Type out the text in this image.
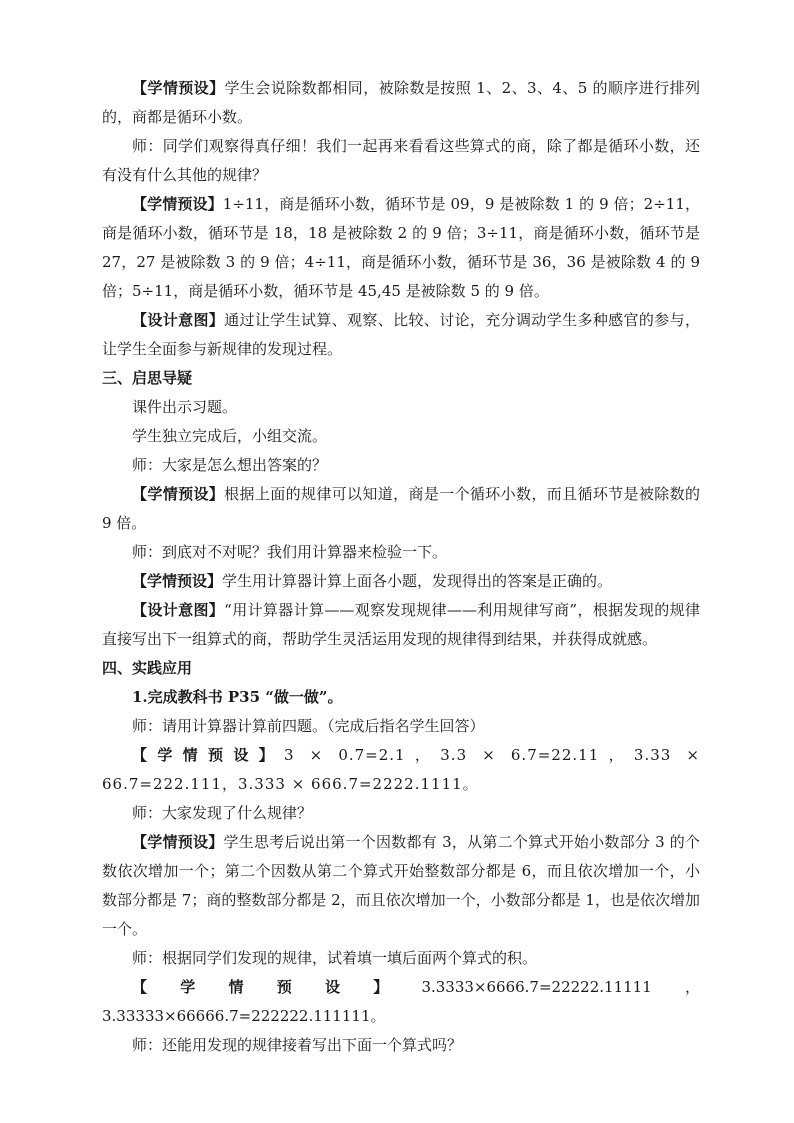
【学情预设】学生会说除数都相同，被除数是按照 1、2、3、4、5 的顺序进行排列的，商都是循环小数。

师：同学们观察得真仔细！我们一起再来看看这些算式的商，除了都是循环小数，还有没有什么其他的规律？

【学情预设】1÷11，商是循环小数，循环节是 09，9 是被除数 1 的 9 倍；2÷11，商是循环小数，循环节是 18，18 是被除数 2 的 9 倍；3÷11，商是循环小数，循环节是 27，27 是被除数 3 的 9 倍；4÷11，商是循环小数，循环节是 36，36 是被除数 4 的 9 倍；5÷11，商是循环小数，循环节是 45,45 是被除数 5 的 9 倍。

【设计意图】通过让学生试算、观察、比较、讨论，充分调动学生多种感官的参与，让学生全面参与新规律的发现过程。

三、启思导疑

课件出示习题。

学生独立完成后，小组交流。

师：大家是怎么想出答案的？

【学情预设】根据上面的规律可以知道，商是一个循环小数，而且循环节是被除数的 9 倍。

师：到底对不对呢？我们用计算器来检验一下。

【学情预设】学生用计算器计算上面各小题，发现得出的答案是正确的。

【设计意图】“用计算器计算——观察发现规律——利用规律写商”，根据发现的规律直接写出下一组算式的商，帮助学生灵活运用发现的规律得到结果，并获得成就感。

四、实践应用

1.完成教科书 P35 “做一做”。

师：请用计算器计算前四题。（完成后指名学生回答）

【学情预设】3 × 0.7=2.1，3.3 × 6.7=22.11，3.33 × 66.7=222.111，3.333 × 666.7=2222.1111。

师：大家发现了什么规律？

【学情预设】学生思考后说出第一个因数都有 3，从第二个算式开始小数部分 3 的个数依次增加一个；第二个因数从第二个算式开始整数部分都是 6，而且依次增加一个，小数部分都是 7；商的整数部分都是 2，而且依次增加一个，小数部分都是 1，也是依次增加一个。

师：根据同学们发现的规律，试着填一填后面两个算式的积。

【学情预设】3.3333×6666.7=22222.11111，3.33333×66666.7=222222.111111。

师：还能用发现的规律接着写出下面一个算式吗？
